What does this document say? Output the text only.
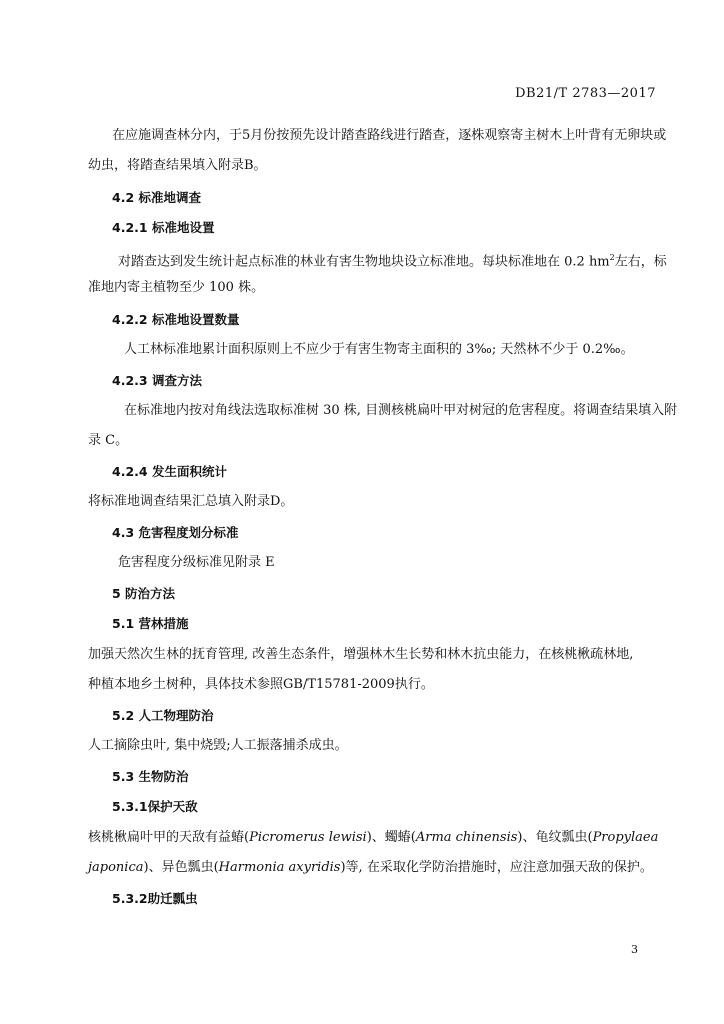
DB21/T 2783—2017
在应施调查林分内，于5月份按预先设计踏查路线进行踏查，逐株观察寄主树木上叶背有无卵块或
幼虫，将踏查结果填入附录B。
4.2 标准地调查
4.2.1 标准地设置
对踏查达到发生统计起点标准的林业有害生物地块设立标准地。每块标准地在 0.2 $hm^2$左右，标
准地内寄主植物至少 100 株。
4.2.2 标准地设置数量
人工林标准地累计面积原则上不应少于有害生物寄主面积的 3‰; 天然林不少于 0.2‰。
4.2.3 调查方法
在标准地内按对角线法选取标准树 30 株, 目测核桃扁叶甲对树冠的危害程度。将调查结果填入附
录 C。
4.2.4 发生面积统计
将标准地调查结果汇总填入附录D。
4.3 危害程度划分标准
危害程度分级标准见附录 E
5 防治方法
5.1 营林措施
加强天然次生林的抚育管理, 改善生态条件，增强林木生长势和林木抗虫能力，在核桃楸疏林地,
种植本地乡土树种，具体技术参照GB/T15781-2009执行。
5.2 人工物理防治
人工摘除虫叶, 集中烧毁;人工振落捕杀成虫。
5.3 生物防治
5.3.1保护天敌
核桃楸扁叶甲的天敌有益蝽(Picromerus lewisi)、蠋蝽(Arma chinensis)、龟纹瓢虫(Propylaea
japonica)、异色瓢虫(Harmonia axyridis)等, 在采取化学防治措施时，应注意加强天敌的保护。
5.3.2助迁瓢虫
3
